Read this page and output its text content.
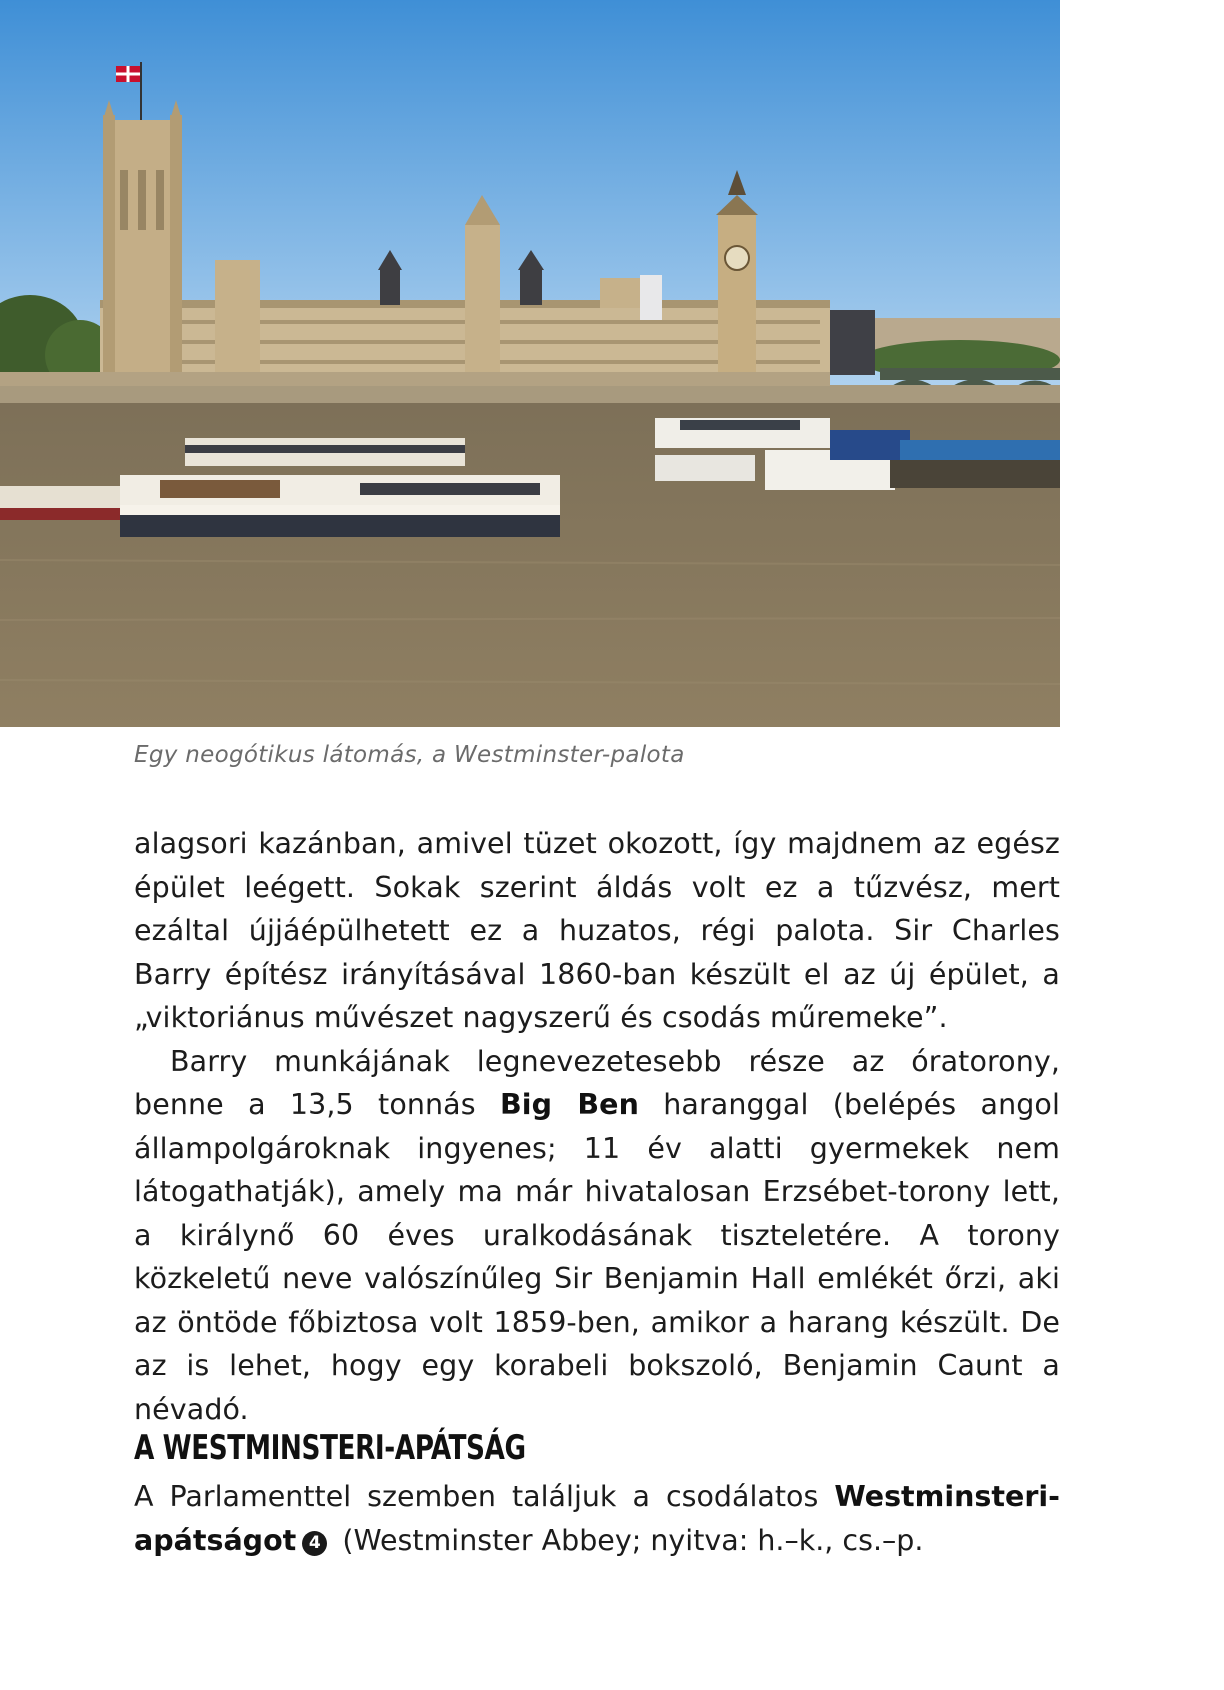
Egy neogótikus látomás, a Westminster-palota

alagsori kazánban, amivel tüzet okozott, így majdnem az egész épület leégett. Sokak szerint áldás volt ez a tűzvész, mert ezáltal újjáépülhetett ez a huzatos, régi palota. Sir Charles Barry építész irányításával 1860-ban készült el az új épület, a „viktoriánus művészet nagyszerű és csodás műremeke”.

Barry munkájának legnevezetesebb része az óratorony, benne a 13,5 tonnás Big Ben haranggal (belépés angol állampolgároknak ingyenes; 11 év alatti gyermekek nem látogathatják), amely ma már hivatalosan Erzsébet-torony lett, a királynő 60 éves uralkodásának tiszteletére. A torony közkeletű neve valószínűleg Sir Benjamin Hall emlékét őrzi, aki az öntöde főbiztosa volt 1859-ben, amikor a harang készült. De az is lehet, hogy egy korabeli bokszoló, Benjamin Caunt a névadó.

A WESTMINSTERI-APÁTSÁG

A Parlamenttel szemben találjuk a csodálatos Westminsteri-apátságot 4 (Westminster Abbey; nyitva: h.–k., cs.–p.
